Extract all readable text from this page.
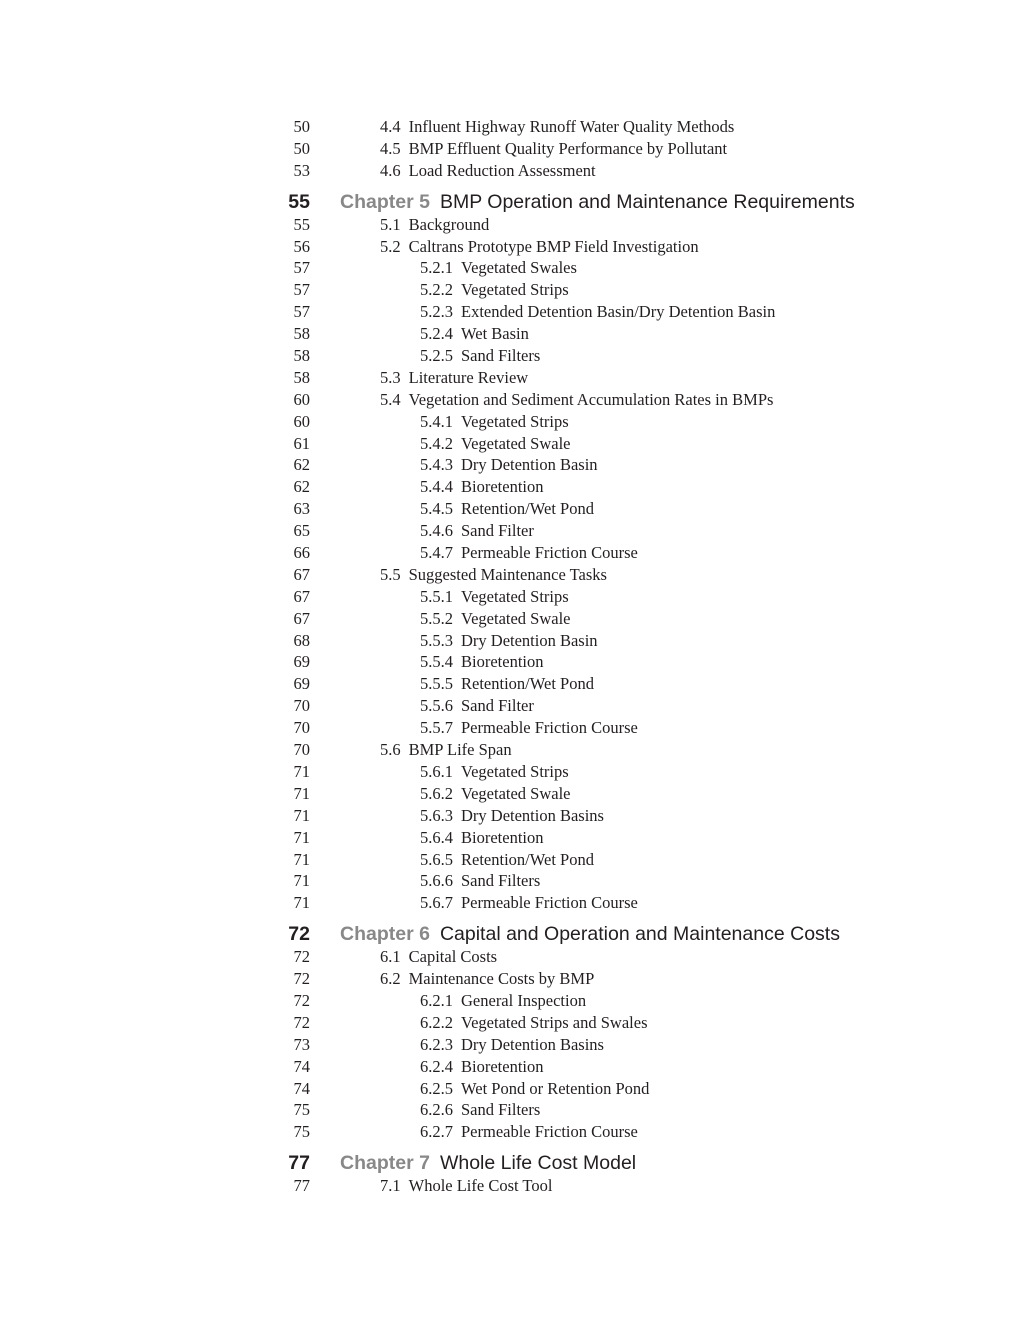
50	4.4 Influent Highway Runoff Water Quality Methods
50	4.5 BMP Effluent Quality Performance by Pollutant
53	4.6 Load Reduction Assessment
55 Chapter 5 BMP Operation and Maintenance Requirements
55	5.1 Background
56	5.2 Caltrans Prototype BMP Field Investigation
57	5.2.1 Vegetated Swales
57	5.2.2 Vegetated Strips
57	5.2.3 Extended Detention Basin/Dry Detention Basin
58	5.2.4 Wet Basin
58	5.2.5 Sand Filters
58	5.3 Literature Review
60	5.4 Vegetation and Sediment Accumulation Rates in BMPs
60	5.4.1 Vegetated Strips
61	5.4.2 Vegetated Swale
62	5.4.3 Dry Detention Basin
62	5.4.4 Bioretention
63	5.4.5 Retention/Wet Pond
65	5.4.6 Sand Filter
66	5.4.7 Permeable Friction Course
67	5.5 Suggested Maintenance Tasks
67	5.5.1 Vegetated Strips
67	5.5.2 Vegetated Swale
68	5.5.3 Dry Detention Basin
69	5.5.4 Bioretention
69	5.5.5 Retention/Wet Pond
70	5.5.6 Sand Filter
70	5.5.7 Permeable Friction Course
70	5.6 BMP Life Span
71	5.6.1 Vegetated Strips
71	5.6.2 Vegetated Swale
71	5.6.3 Dry Detention Basins
71	5.6.4 Bioretention
71	5.6.5 Retention/Wet Pond
71	5.6.6 Sand Filters
71	5.6.7 Permeable Friction Course
72 Chapter 6 Capital and Operation and Maintenance Costs
72	6.1 Capital Costs
72	6.2 Maintenance Costs by BMP
72	6.2.1 General Inspection
72	6.2.2 Vegetated Strips and Swales
73	6.2.3 Dry Detention Basins
74	6.2.4 Bioretention
74	6.2.5 Wet Pond or Retention Pond
75	6.2.6 Sand Filters
75	6.2.7 Permeable Friction Course
77 Chapter 7 Whole Life Cost Model
77	7.1 Whole Life Cost Tool
